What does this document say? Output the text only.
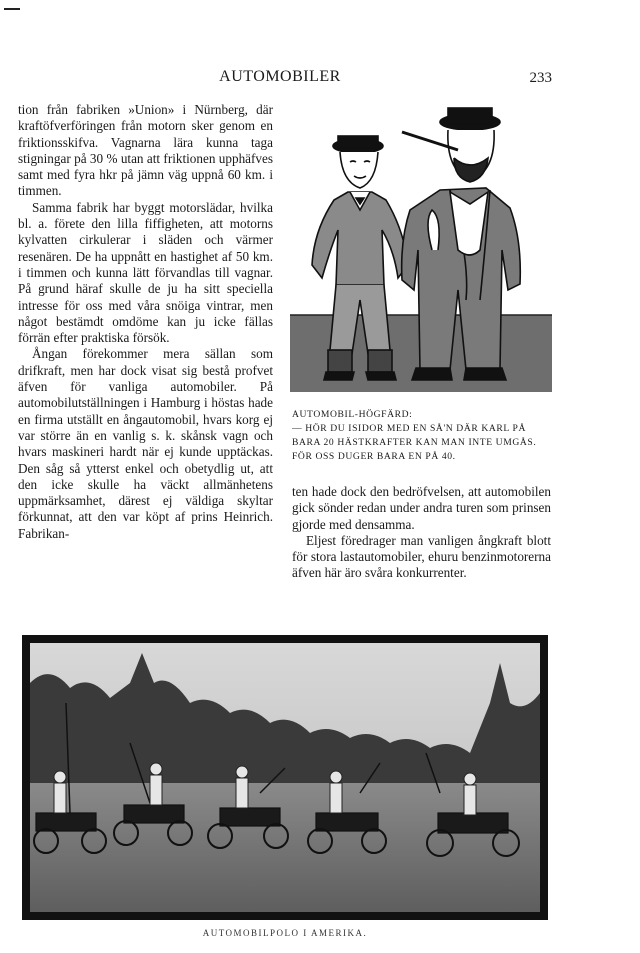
AUTOMOBILER	233

tion från fabriken »Union» i Nürnberg, där kraftöfverföringen från motorn sker genom en friktionsskifva. Vagnarna lära kunna taga stigningar på 30 % utan att friktionen upphäfves samt med fyra hkr på jämn väg uppnå 60 km. i timmen.

Samma fabrik har byggt motorslädar, hvilka bl. a. förete den lilla fiffigheten, att motorns kylvatten cirkulerar i släden och värmer resenären. De ha uppnått en hastighet af 50 km. i timmen och kunna lätt förvandlas till vagnar. På grund häraf skulle de ju ha sitt speciella intresse för oss med våra snöiga vintrar, men något bestämdt omdöme kan ju icke fällas förrän efter praktiska försök.

Ångan förekommer mera sällan som drifkraft, men har dock visat sig bestå profvet äfven för vanliga automobiler. På automobilutställningen i Hamburg i höstas hade en firma utställt en ångautomobil, hvars korg ej var större än en vanlig s. k. skånsk vagn och hvars maskineri hardt när ej kunde upptäckas. Den såg så ytterst enkel och obetydlig ut, att den icke skulle ha väckt allmänhetens uppmärksamhet, därest ej väldiga skyltar förkunnat, att den var köpt af prins Heinrich. Fabrikan-

AUTOMOBIL-HÖGFÄRD:
— HÖR DU ISIDOR MED EN SÅ'N DÄR KARL PÅ BARA 20 HÄSTKRAFTER KAN MAN INTE UMGÅS. FÖR OSS DUGER BARA EN PÅ 40.

ten hade dock den bedröfvelsen, att automobilen gick sönder redan under andra turen som prinsen gjorde med densamma.

Eljest föredrager man vanligen ångkraft blott för stora lastautomobiler, ehuru benzinmotorerna äfven här äro svåra konkurrenter.

AUTOMOBILPOLO I AMERIKA.
